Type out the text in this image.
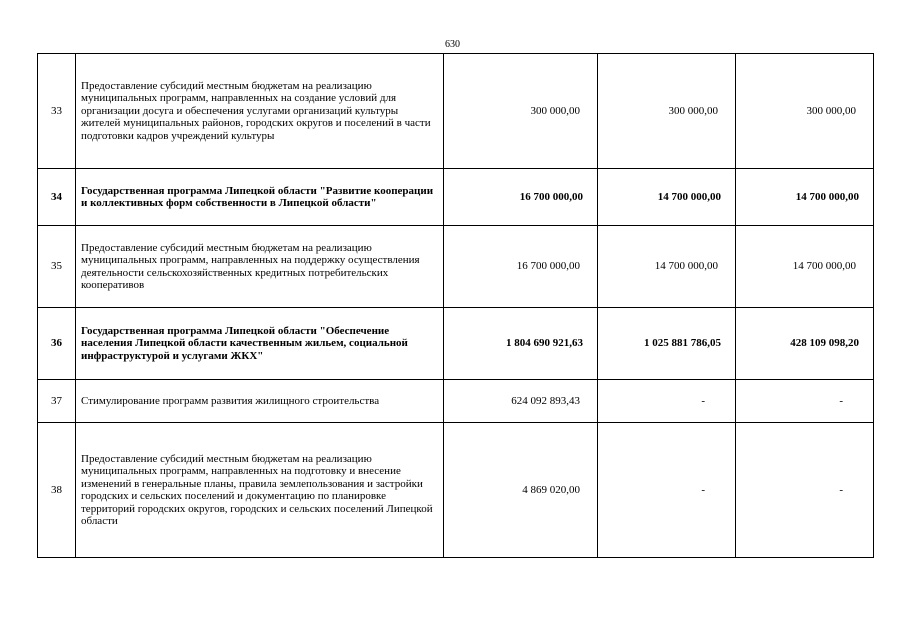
630
33	Предоставление субсидий местным бюджетам на реализацию муниципальных программ, направленных на создание условий для организации досуга и обеспечения услугами организаций культуры жителей муниципальных районов, городских округов и поселений в части подготовки кадров учреждений культуры	300 000,00	300 000,00	300 000,00
34	Государственная программа Липецкой области "Развитие кооперации и коллективных форм собственности в Липецкой области"	16 700 000,00	14 700 000,00	14 700 000,00
35	Предоставление субсидий местным бюджетам на реализацию муниципальных программ, направленных на поддержку осуществления деятельности сельскохозяйственных кредитных потребительских кооперативов	16 700 000,00	14 700 000,00	14 700 000,00
36	Государственная программа Липецкой области "Обеспечение населения Липецкой области качественным жильем, социальной инфраструктурой и услугами ЖКХ"	1 804 690 921,63	1 025 881 786,05	428 109 098,20
37	Стимулирование программ развития жилищного строительства	624 092 893,43	-	-
38	Предоставление субсидий местным бюджетам на реализацию муниципальных программ, направленных на подготовку и внесение изменений в генеральные планы, правила землепользования и застройки городских и сельских поселений и документацию по планировке территорий городских округов, городских и сельских поселений Липецкой области	4 869 020,00	-	-
